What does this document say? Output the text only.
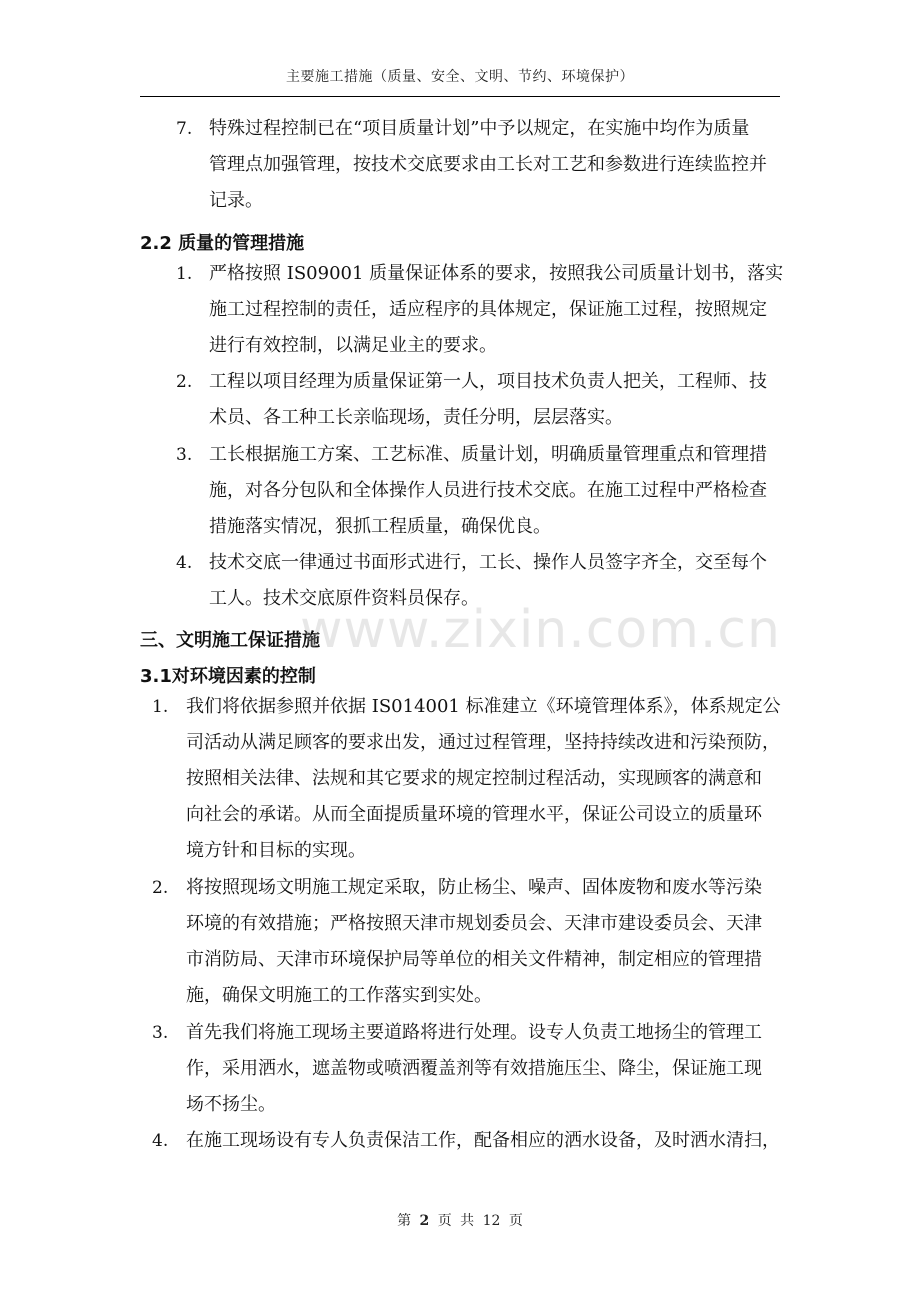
主要施工措施（质量、安全、文明、节约、环境保护）
7. 特殊过程控制已在“项目质量计划”中予以规定，在实施中均作为质量
管理点加强管理，按技术交底要求由工长对工艺和参数进行连续监控并
记录。
2.2 质量的管理措施
1. 严格按照 IS09001 质量保证体系的要求，按照我公司质量计划书，落实
施工过程控制的责任，适应程序的具体规定，保证施工过程，按照规定
进行有效控制，以满足业主的要求。
2. 工程以项目经理为质量保证第一人，项目技术负责人把关，工程师、技
术员、各工种工长亲临现场，责任分明，层层落实。
3. 工长根据施工方案、工艺标准、质量计划，明确质量管理重点和管理措
施，对各分包队和全体操作人员进行技术交底。在施工过程中严格检查
措施落实情况，狠抓工程质量，确保优良。
4. 技术交底一律通过书面形式进行，工长、操作人员签字齐全，交至每个
工人。技术交底原件资料员保存。
三、文明施工保证措施
3.1对环境因素的控制
1. 我们将依据参照并依据 IS014001 标准建立《环境管理体系》，体系规定公
司活动从满足顾客的要求出发，通过过程管理，坚持持续改进和污染预防，
按照相关法律、法规和其它要求的规定控制过程活动，实现顾客的满意和
向社会的承诺。从而全面提质量环境的管理水平，保证公司设立的质量环
境方针和目标的实现。
2. 将按照现场文明施工规定采取，防止杨尘、噪声、固体废物和废水等污染
环境的有效措施；严格按照天津市规划委员会、天津市建设委员会、天津
市消防局、天津市环境保护局等单位的相关文件精神，制定相应的管理措
施，确保文明施工的工作落实到实处。
3. 首先我们将施工现场主要道路将进行处理。设专人负责工地扬尘的管理工
作，采用洒水，遮盖物或喷洒覆盖剂等有效措施压尘、降尘，保证施工现
场不扬尘。
4. 在施工现场设有专人负责保洁工作，配备相应的洒水设备，及时洒水清扫，
www.zixin.com.cn
第 2 页 共 12 页
